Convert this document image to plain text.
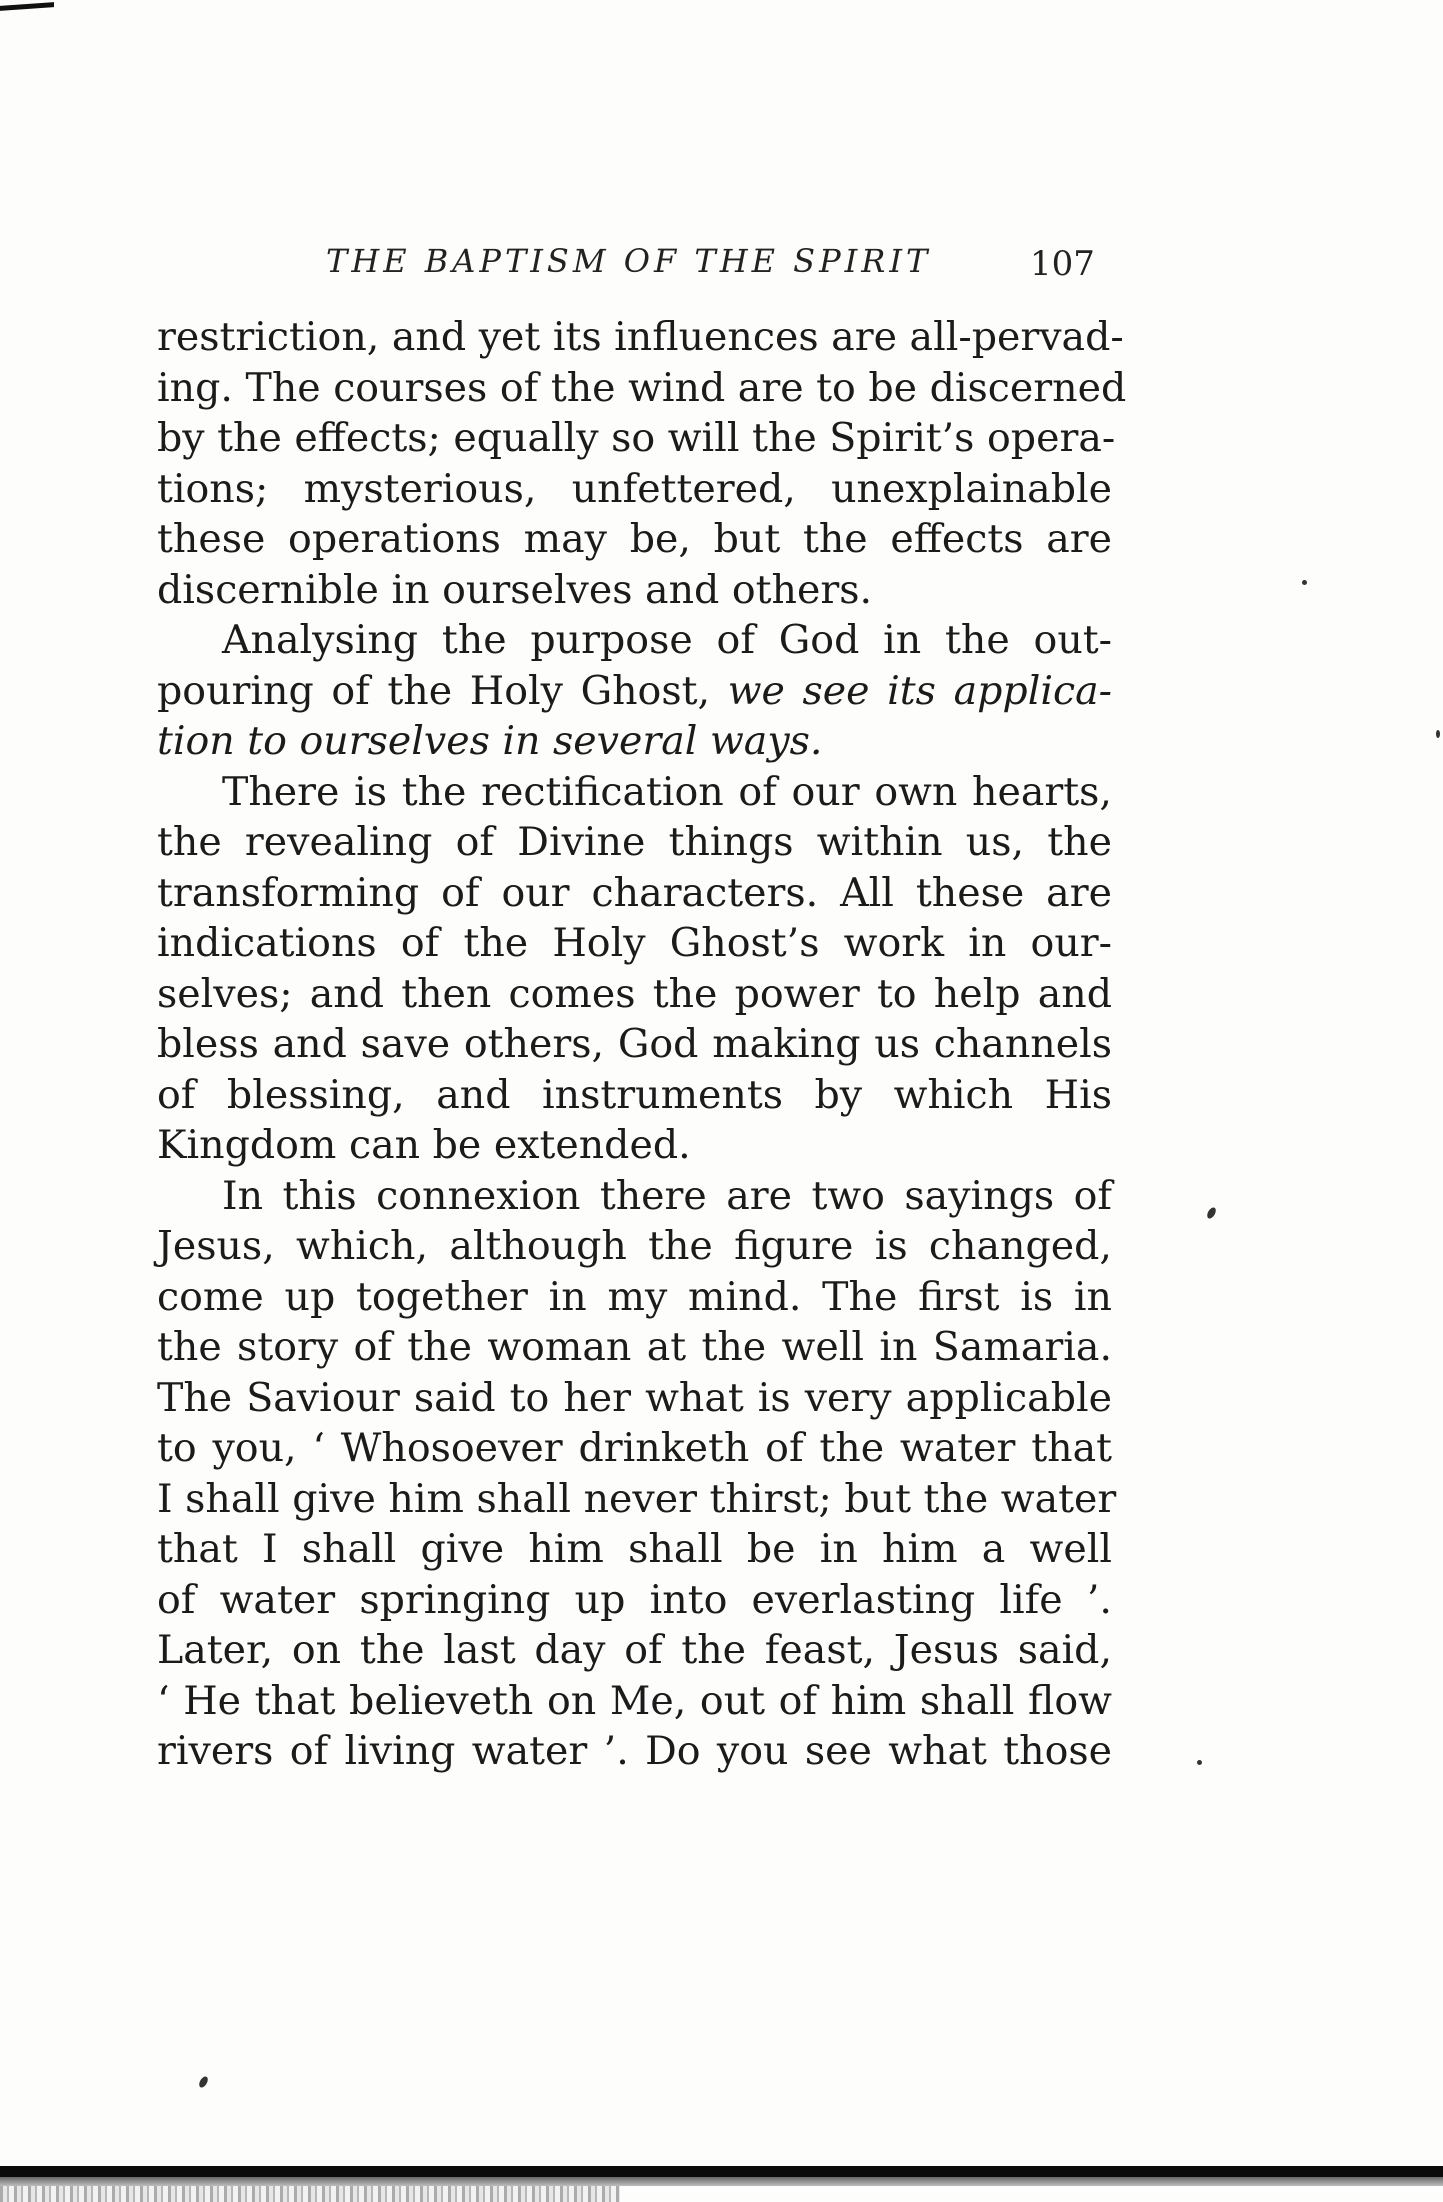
THE BAPTISM OF THE SPIRIT	107
restriction, and yet its influences are all-pervad-
ing. The courses of the wind are to be discerned
by the effects; equally so will the Spirit’s opera-
tions; mysterious, unfettered, unexplainable
these operations may be, but the effects are
discernible in ourselves and others.
Analysing the purpose of God in the out-
pouring of the Holy Ghost, we see its applica-
tion to ourselves in several ways.
There is the rectification of our own hearts,
the revealing of Divine things within us, the
transforming of our characters. All these are
indications of the Holy Ghost’s work in our-
selves; and then comes the power to help and
bless and save others, God making us channels
of blessing, and instruments by which His
Kingdom can be extended.
In this connexion there are two sayings of
Jesus, which, although the figure is changed,
come up together in my mind. The first is in
the story of the woman at the well in Samaria.
The Saviour said to her what is very applicable
to you, ‘ Whosoever drinketh of the water that
I shall give him shall never thirst; but the water
that I shall give him shall be in him a well
of water springing up into everlasting life ’.
Later, on the last day of the feast, Jesus said,
‘ He that believeth on Me, out of him shall flow
rivers of living water ’. Do you see what those
